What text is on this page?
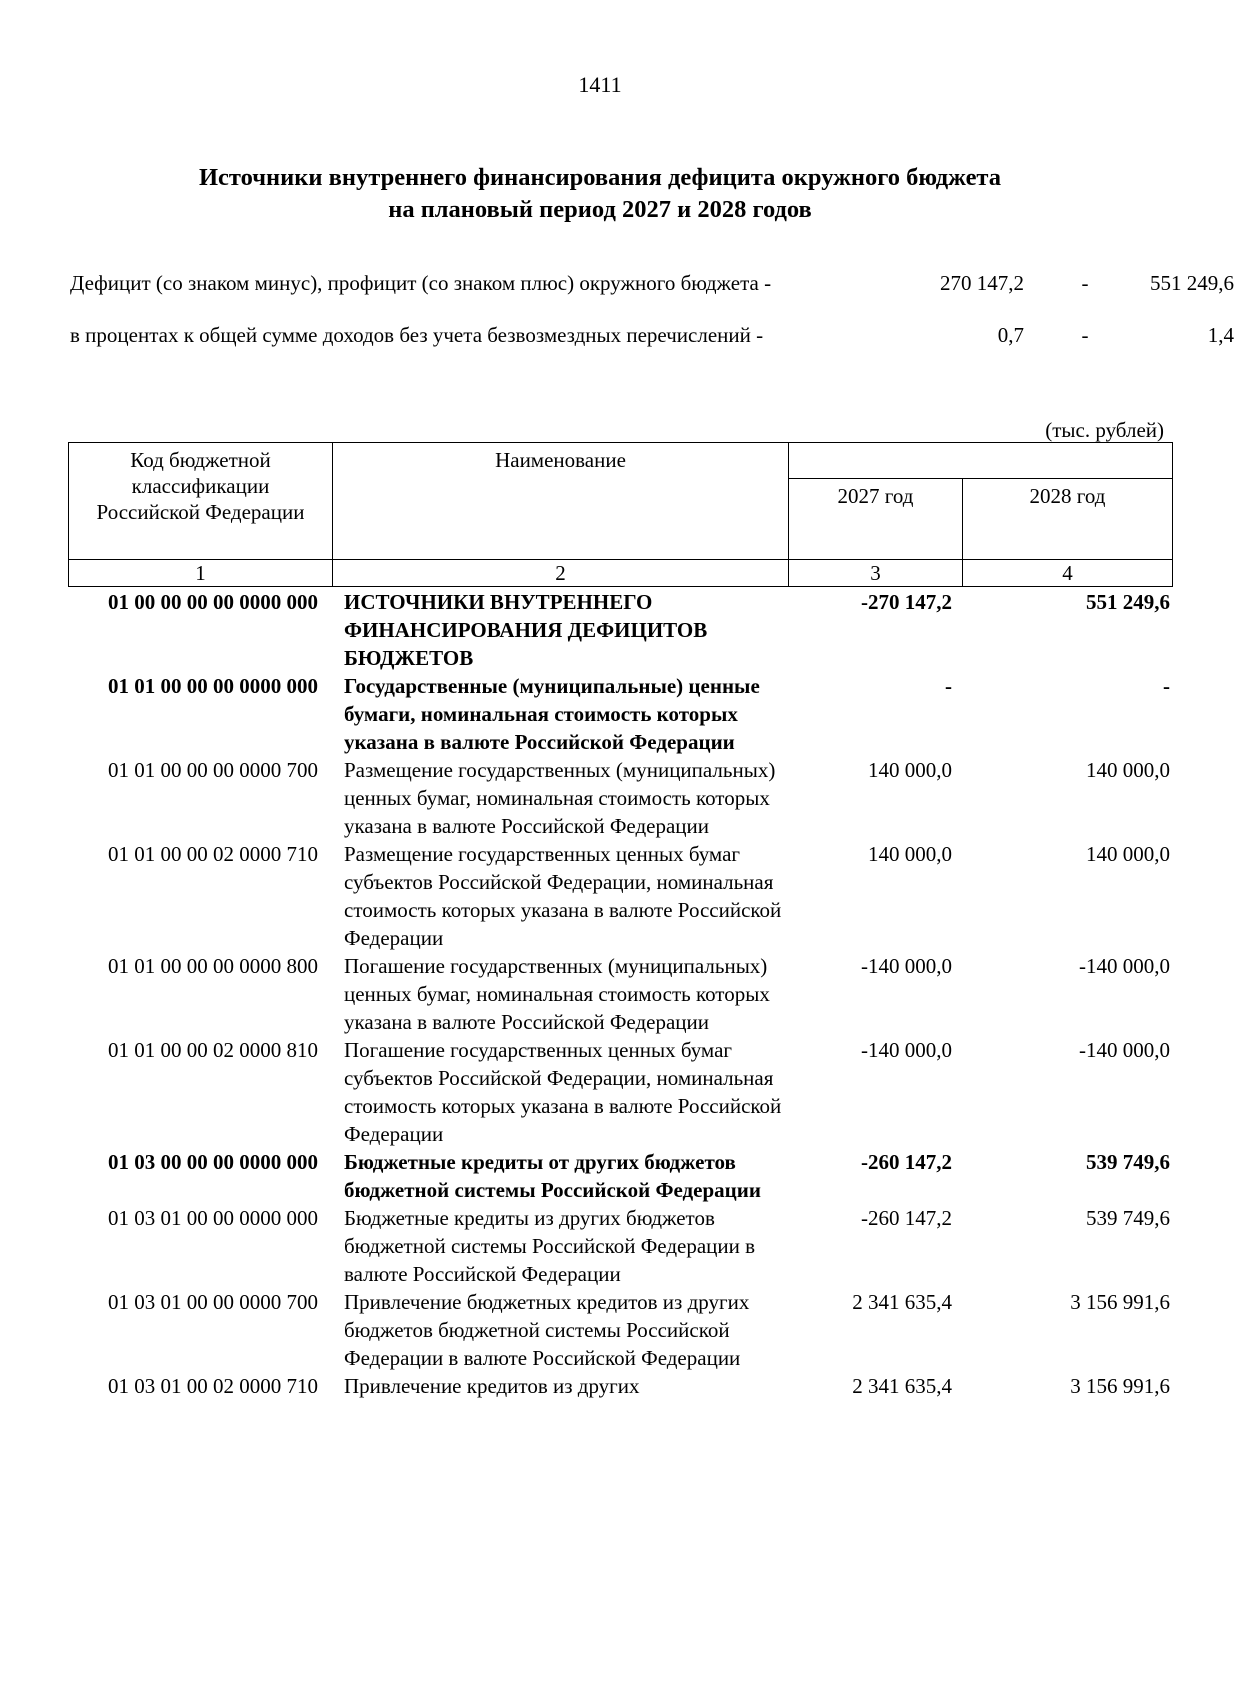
1411
Источники внутреннего финансирования дефицита окружного бюджета
на плановый период 2027 и 2028 годов
Дефицит (со знаком минус), профицит (со знаком плюс) окружного бюджета -	270 147,2	-	551 249,6
в процентах к общей сумме доходов без учета безвозмездных перечислений -	0,7	-	1,4
(тыс. рублей)
Код бюджетной классификации Российской Федерации	Наименование		
		2027 год	2028 год
1	2	3	4
01 00 00 00 00 0000 000	ИСТОЧНИКИ ВНУТРЕННЕГО ФИНАНСИРОВАНИЯ ДЕФИЦИТОВ БЮДЖЕТОВ	-270 147,2	551 249,6
01 01 00 00 00 0000 000	Государственные (муниципальные) ценные бумаги, номинальная стоимость которых указана в валюте Российской Федерации	-	-
01 01 00 00 00 0000 700	Размещение государственных (муниципальных) ценных бумаг, номинальная стоимость которых указана в валюте Российской Федерации	140 000,0	140 000,0
01 01 00 00 02 0000 710	Размещение государственных ценных бумаг субъектов Российской Федерации, номинальная стоимость которых указана в валюте Российской Федерации	140 000,0	140 000,0
01 01 00 00 00 0000 800	Погашение государственных (муниципальных) ценных бумаг, номинальная стоимость которых указана в валюте Российской Федерации	-140 000,0	-140 000,0
01 01 00 00 02 0000 810	Погашение государственных ценных бумаг субъектов Российской Федерации, номинальная стоимость которых указана в валюте Российской Федерации	-140 000,0	-140 000,0
01 03 00 00 00 0000 000	Бюджетные кредиты от других бюджетов бюджетной системы Российской Федерации	-260 147,2	539 749,6
01 03 01 00 00 0000 000	Бюджетные кредиты из других бюджетов бюджетной системы Российской Федерации в валюте Российской Федерации	-260 147,2	539 749,6
01 03 01 00 00 0000 700	Привлечение бюджетных кредитов из других бюджетов бюджетной системы Российской Федерации в валюте Российской Федерации	2 341 635,4	3 156 991,6
01 03 01 00 02 0000 710	Привлечение кредитов из других	2 341 635,4	3 156 991,6
